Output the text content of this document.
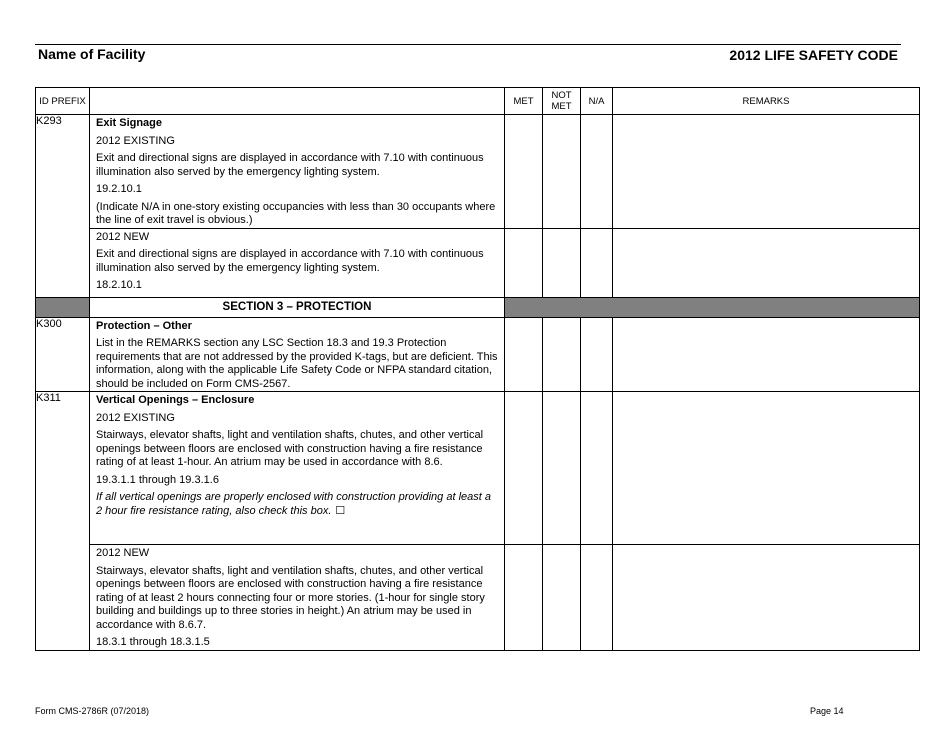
Name of Facility	2012 LIFE SAFETY CODE
ID PREFIX		MET	NOT MET	N/A	REMARKS
K293	Exit Signage
2012 EXISTING
Exit and directional signs are displayed in accordance with 7.10 with continuous illumination also served by the emergency lighting system.
19.2.10.1
(Indicate N/A in one-story existing occupancies with less than 30 occupants where the line of exit travel is obvious.)				

	2012 NEW
Exit and directional signs are displayed in accordance with 7.10 with continuous illumination also served by the emergency lighting system.
18.2.10.1				

	SECTION 3 – PROTECTION				
K300	Protection – Other
List in the REMARKS section any LSC Section 18.3 and 19.3 Protection requirements that are not addressed by the provided K-tags, but are deficient. This information, along with the applicable Life Safety Code or NFPA standard citation, should be included on Form CMS-2567.				

K311	Vertical Openings – Enclosure
2012 EXISTING
Stairways, elevator shafts, light and ventilation shafts, chutes, and other vertical openings between floors are enclosed with construction having a fire resistance rating of at least 1-hour. An atrium may be used in accordance with 8.6.
19.3.1.1 through 19.3.1.6
If all vertical openings are properly enclosed with construction providing at least a 2 hour fire resistance rating, also check this box. ☐				

	2012 NEW
Stairways, elevator shafts, light and ventilation shafts, chutes, and other vertical openings between floors are enclosed with construction having a fire resistance rating of at least 2 hours connecting four or more stories. (1-hour for single story building and buildings up to three stories in height.) An atrium may be used in accordance with 8.6.7.
18.3.1 through 18.3.1.5				

Form CMS-2786R (07/2018)	Page 14
